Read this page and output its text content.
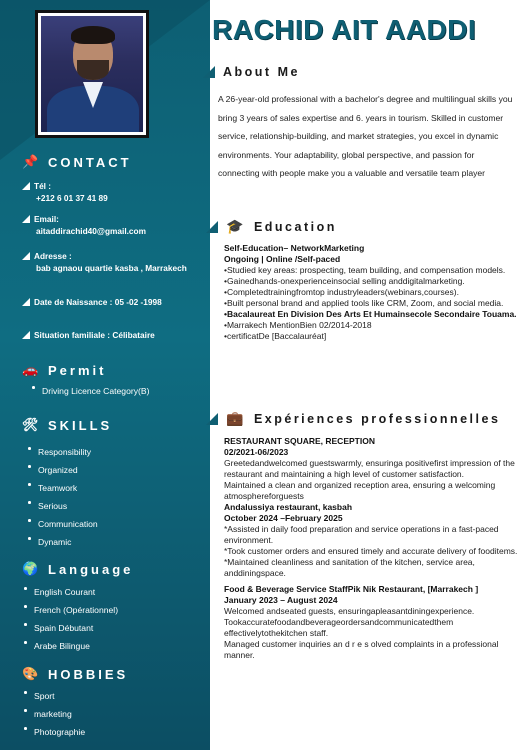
📌 CONTACT
Tél :
+212 6 01 37 41 89
Email:
aitaddirachid40@gmail.com
Adresse :
bab agnaou quartie kasba , Marrakech
Date de Naissance : 05 -02 -1998
Situation familiale : Célibataire
🚗 Permit
Driving Licence Category(B)
🛠 SKILLS
Responsibility
Organized
Teamwork
Serious
Communication
Dynamic
🌍 Language
English Courant
French (Opérationnel)
Spain Débutant
Arabe Bilingue
🎨 HOBBIES
Sport
marketing
Photographie
RACHID AIT AADDI
About Me
A 26-year-old professional with a bachelor's degree and multilingual skills you bring 3 years of sales expertise and 6. years in tourism. Skilled in customer service, relationship-building, and market strategies, you excel in dynamic environments. Your adaptability, global perspective, and passion for connecting with people make you a valuable and versatile team player
🎓 Education

Self-Education– NetworkMarketing

Ongoing | Online /Self-paced

•Studied key areas: prospecting, team building, and compensation models.

•Gainedhands-onexperienceinsocial selling anddigitalmarketing.

•Completedtrainingfromtop industryleaders(webinars,courses).

•Built personal brand and applied tools like CRM, Zoom, and social media.

•Bacalaureat En Division Des Arts Et Humainsecole Secondaire Touama.

•Marrakech MentionBien 02/2014-2018

•certificatDe [Baccalauréat]

💼 Expériences professionnelles

RESTAURANT SQUARE, RECEPTION

02/2021-06/2023

Greetedandwelcomed guestswarmly, ensuringa positivefirst impression of the restaurant and maintaining a high level of customer satisfaction.

Maintained a clean and organized reception area, ensuring a welcoming atmosphereforguests

Andalussiya restaurant, kasbah

October 2024 –February 2025

*Assisted in daily food preparation and service operations in a fast-paced environment.

*Took customer orders and ensured timely and accurate delivery of fooditems.

*Maintained cleanliness and sanitation of the kitchen, service area, anddiningspace.

Food & Beverage Service StaffPik Nik Restaurant, [Marrakech ]

January 2023 – August 2024

Welcomed andseated guests, ensuringapleasantdiningexperience. Tookaccuratefoodandbeverageordersandcommunicatedthem effectivelytothekitchen staff.

Managed customer inquiries an d r e s olved complaints in a professional manner.
